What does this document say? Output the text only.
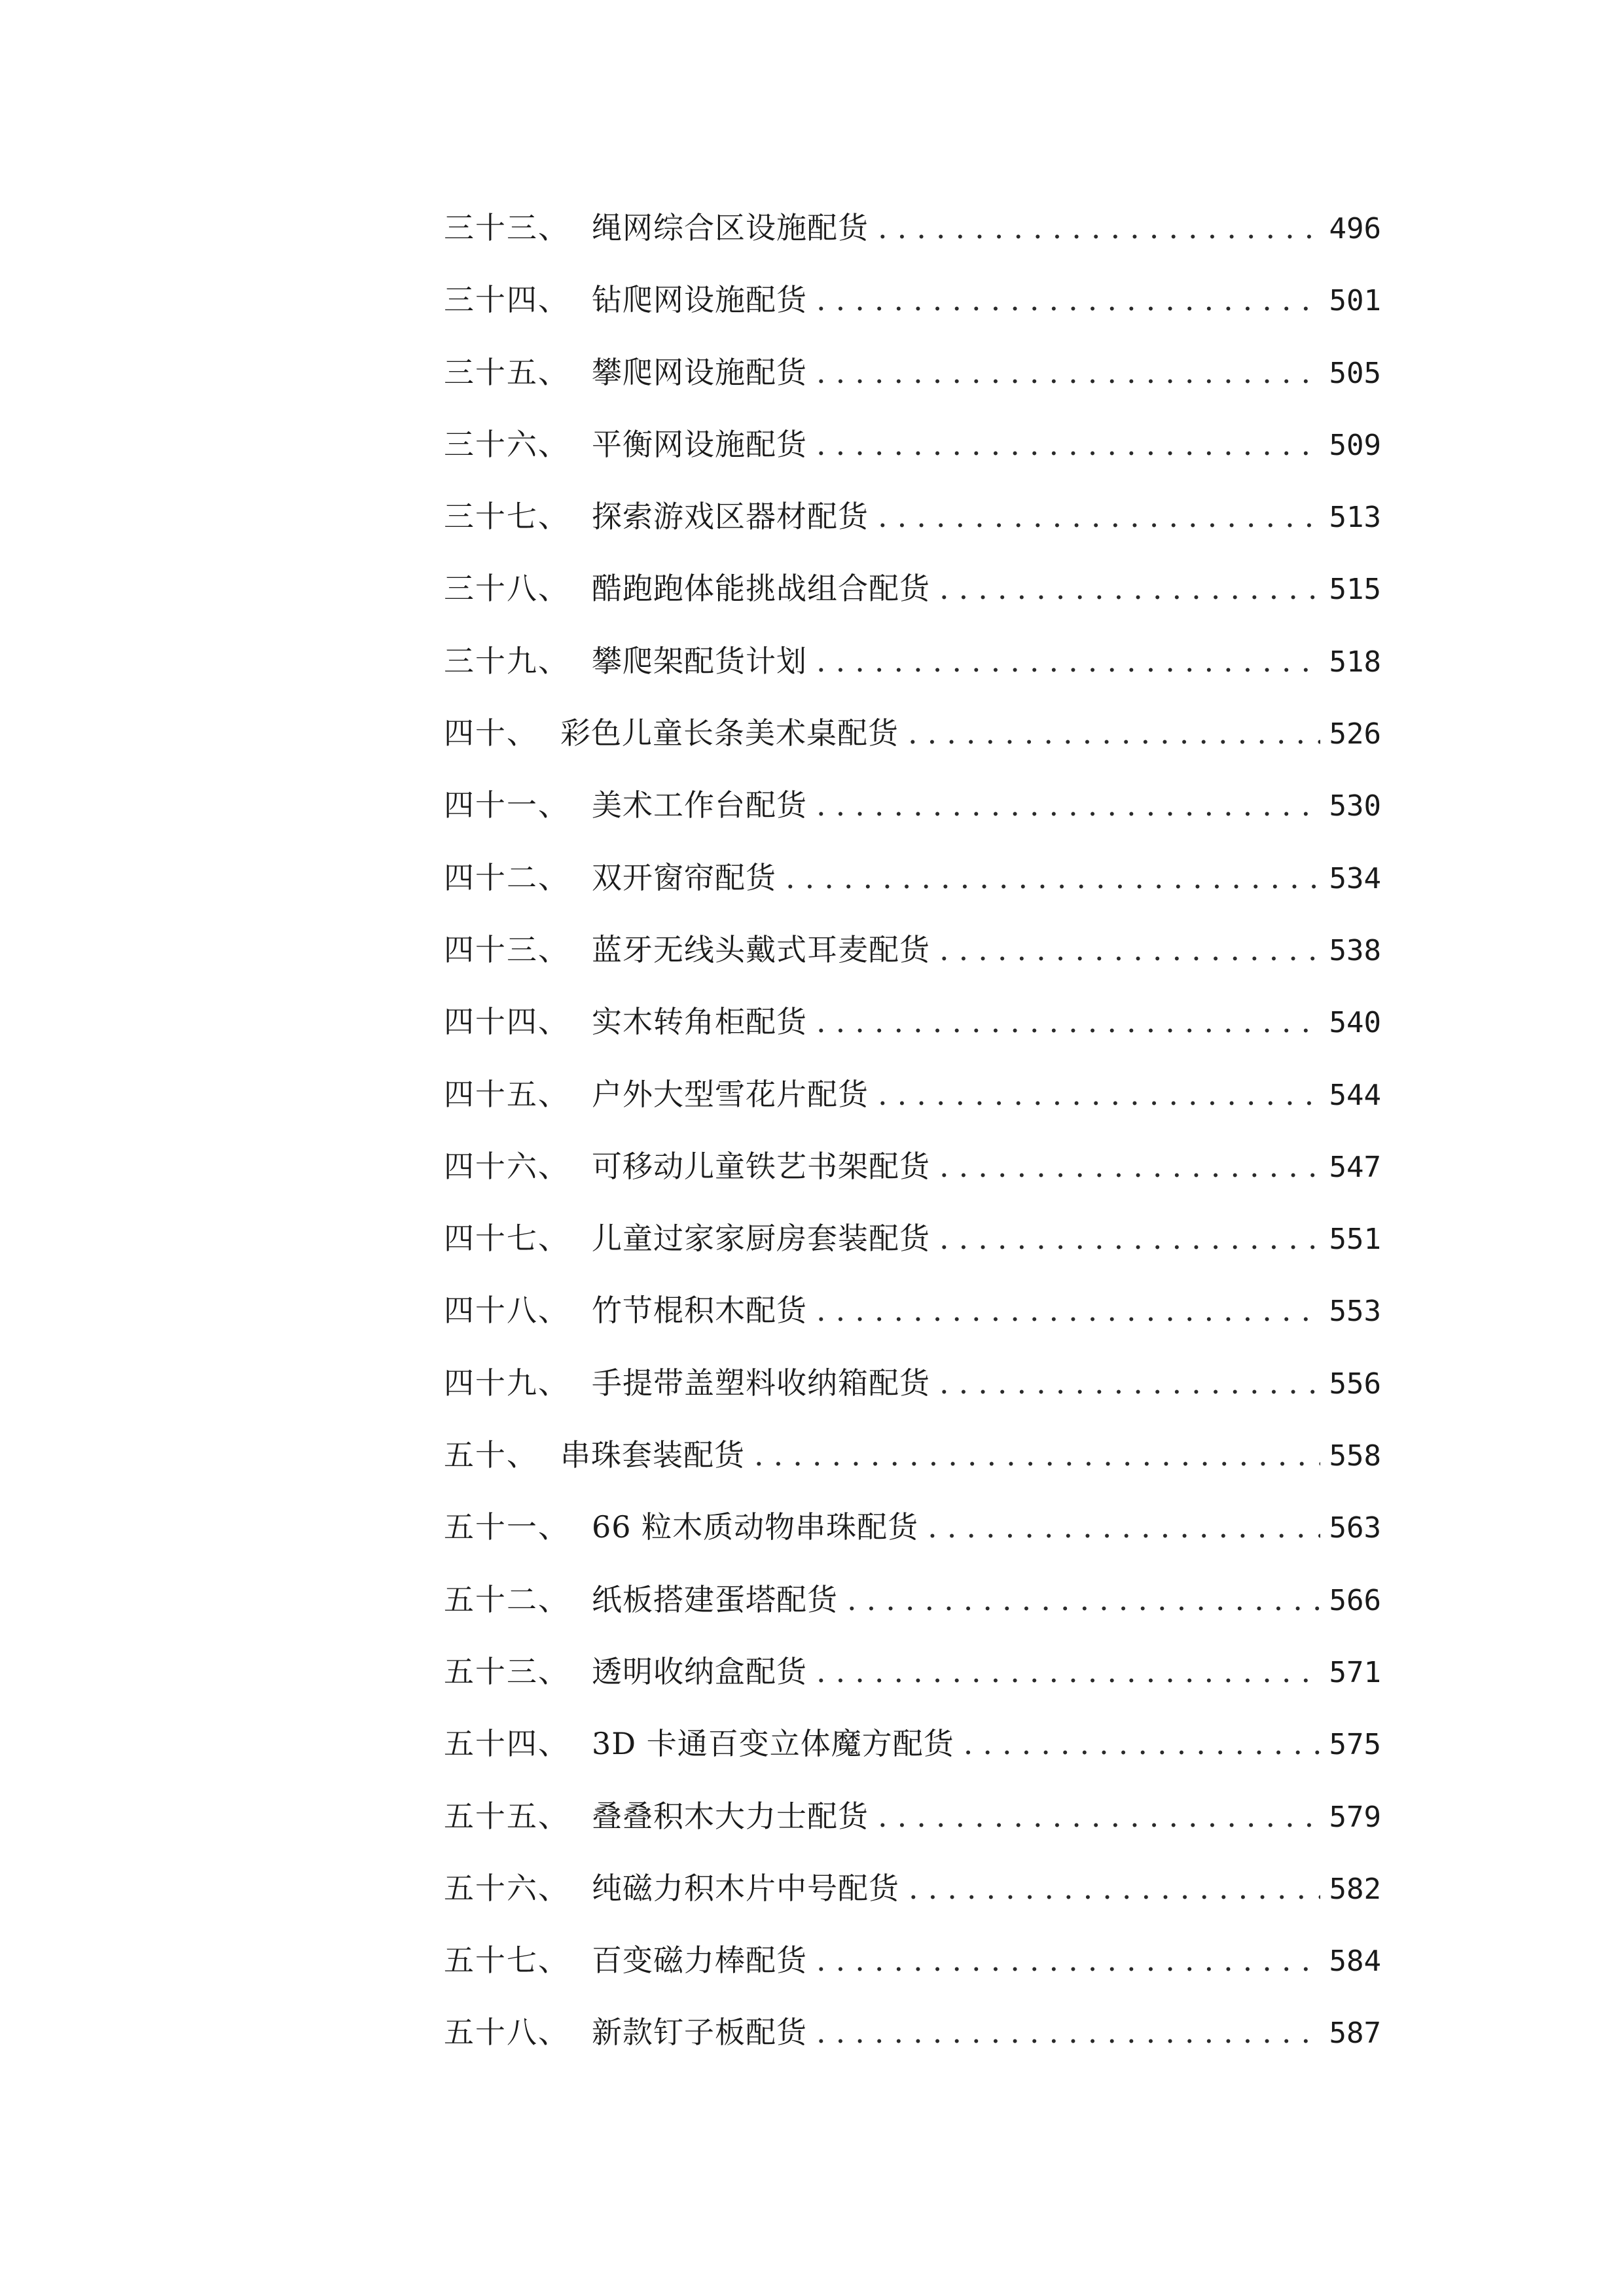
三十三、 绳网综合区设施配货 .....	496
三十四、 钻爬网设施配货 .....	501
三十五、 攀爬网设施配货 .....	505
三十六、 平衡网设施配货 .....	509
三十七、 探索游戏区器材配货 .....	513
三十八、 酷跑跑体能挑战组合配货 .....	515
三十九、 攀爬架配货计划 .....	518
四十、 彩色儿童长条美术桌配货 .....	526
四十一、 美术工作台配货 .....	530
四十二、 双开窗帘配货 .....	534
四十三、 蓝牙无线头戴式耳麦配货 .....	538
四十四、 实木转角柜配货 .....	540
四十五、 户外大型雪花片配货 .....	544
四十六、 可移动儿童铁艺书架配货 .....	547
四十七、 儿童过家家厨房套装配货 .....	551
四十八、 竹节棍积木配货 .....	553
四十九、 手提带盖塑料收纳箱配货 .....	556
五十、 串珠套装配货 .....	558
五十一、 66 粒木质动物串珠配货 .....	563
五十二、 纸板搭建蛋塔配货 .....	566
五十三、 透明收纳盒配货 .....	571
五十四、 3D 卡通百变立体魔方配货 .....	575
五十五、 叠叠积木大力士配货 .....	579
五十六、 纯磁力积木片中号配货 .....	582
五十七、 百变磁力棒配货 .....	584
五十八、 新款钉子板配货 .....	587
